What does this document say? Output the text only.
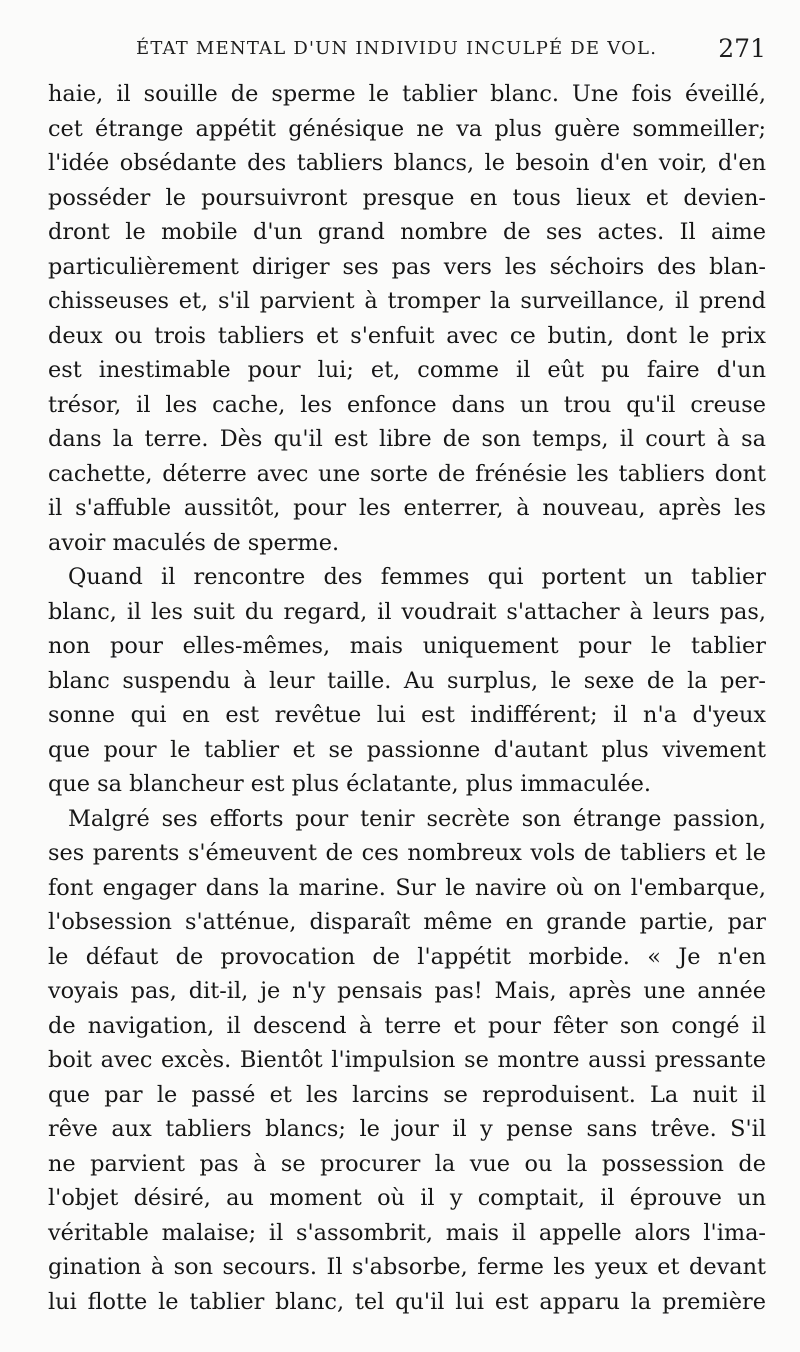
ÉTAT MENTAL D'UN INDIVIDU INCULPÉ DE VOL. 271
haie, il souille de sperme le tablier blanc. Une fois éveillé,
cet étrange appétit génésique ne va plus guère sommeiller;
l'idée obsédante des tabliers blancs, le besoin d'en voir, d'en
posséder le poursuivront presque en tous lieux et devien-
dront le mobile d'un grand nombre de ses actes. Il aime
particulièrement diriger ses pas vers les séchoirs des blan-
chisseuses et, s'il parvient à tromper la surveillance, il prend
deux ou trois tabliers et s'enfuit avec ce butin, dont le prix
est inestimable pour lui; et, comme il eût pu faire d'un
trésor, il les cache, les enfonce dans un trou qu'il creuse
dans la terre. Dès qu'il est libre de son temps, il court à sa
cachette, déterre avec une sorte de frénésie les tabliers dont
il s'affuble aussitôt, pour les enterrer, à nouveau, après les
avoir maculés de sperme.
Quand il rencontre des femmes qui portent un tablier
blanc, il les suit du regard, il voudrait s'attacher à leurs pas,
non pour elles-mêmes, mais uniquement pour le tablier
blanc suspendu à leur taille. Au surplus, le sexe de la per-
sonne qui en est revêtue lui est indifférent; il n'a d'yeux
que pour le tablier et se passionne d'autant plus vivement
que sa blancheur est plus éclatante, plus immaculée.
Malgré ses efforts pour tenir secrète son étrange passion,
ses parents s'émeuvent de ces nombreux vols de tabliers et le
font engager dans la marine. Sur le navire où on l'embarque,
l'obsession s'atténue, disparaît même en grande partie, par
le défaut de provocation de l'appétit morbide. « Je n'en
voyais pas, dit-il, je n'y pensais pas! Mais, après une année
de navigation, il descend à terre et pour fêter son congé il
boit avec excès. Bientôt l'impulsion se montre aussi pressante
que par le passé et les larcins se reproduisent. La nuit il
rêve aux tabliers blancs; le jour il y pense sans trêve. S'il
ne parvient pas à se procurer la vue ou la possession de
l'objet désiré, au moment où il y comptait, il éprouve un
véritable malaise; il s'assombrit, mais il appelle alors l'ima-
gination à son secours. Il s'absorbe, ferme les yeux et devant
lui flotte le tablier blanc, tel qu'il lui est apparu la première
